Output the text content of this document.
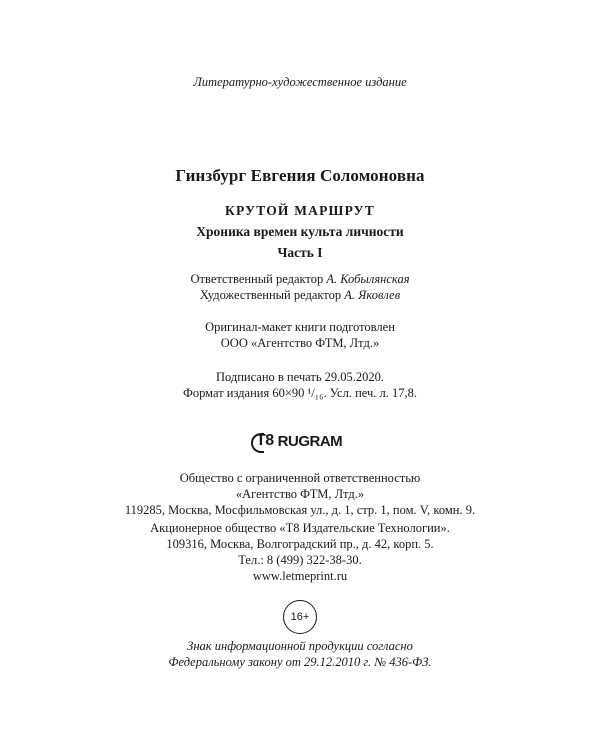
Литературно-художественное издание
Гинзбург Евгения Соломоновна
КРУТОЙ МАРШРУТ
Хроника времен культа личности
Часть I
Ответственный редактор А. Кобылянская
Художественный редактор А. Яковлев
Оригинал-макет книги подготовлен
ООО «Агентство ФТМ, Лтд.»
Подписано в печать 29.05.2020.
Формат издания 60×90 ¹/₁₆. Усл. печ. л. 17,8.
T8 RUGRAM
Общество с ограниченной ответственностью
«Агентство ФТМ, Лтд.»
119285, Москва, Мосфильмовская ул., д. 1, стр. 1, пом. V, комн. 9.
Акционерное общество «Т8 Издательские Технологии».
109316, Москва, Волгоградский пр., д. 42, корп. 5.
Тел.: 8 (499) 322-38-30.
www.letmeprint.ru
16+
Знак информационной продукции согласно
Федеральному закону от 29.12.2010 г. № 436-ФЗ.
